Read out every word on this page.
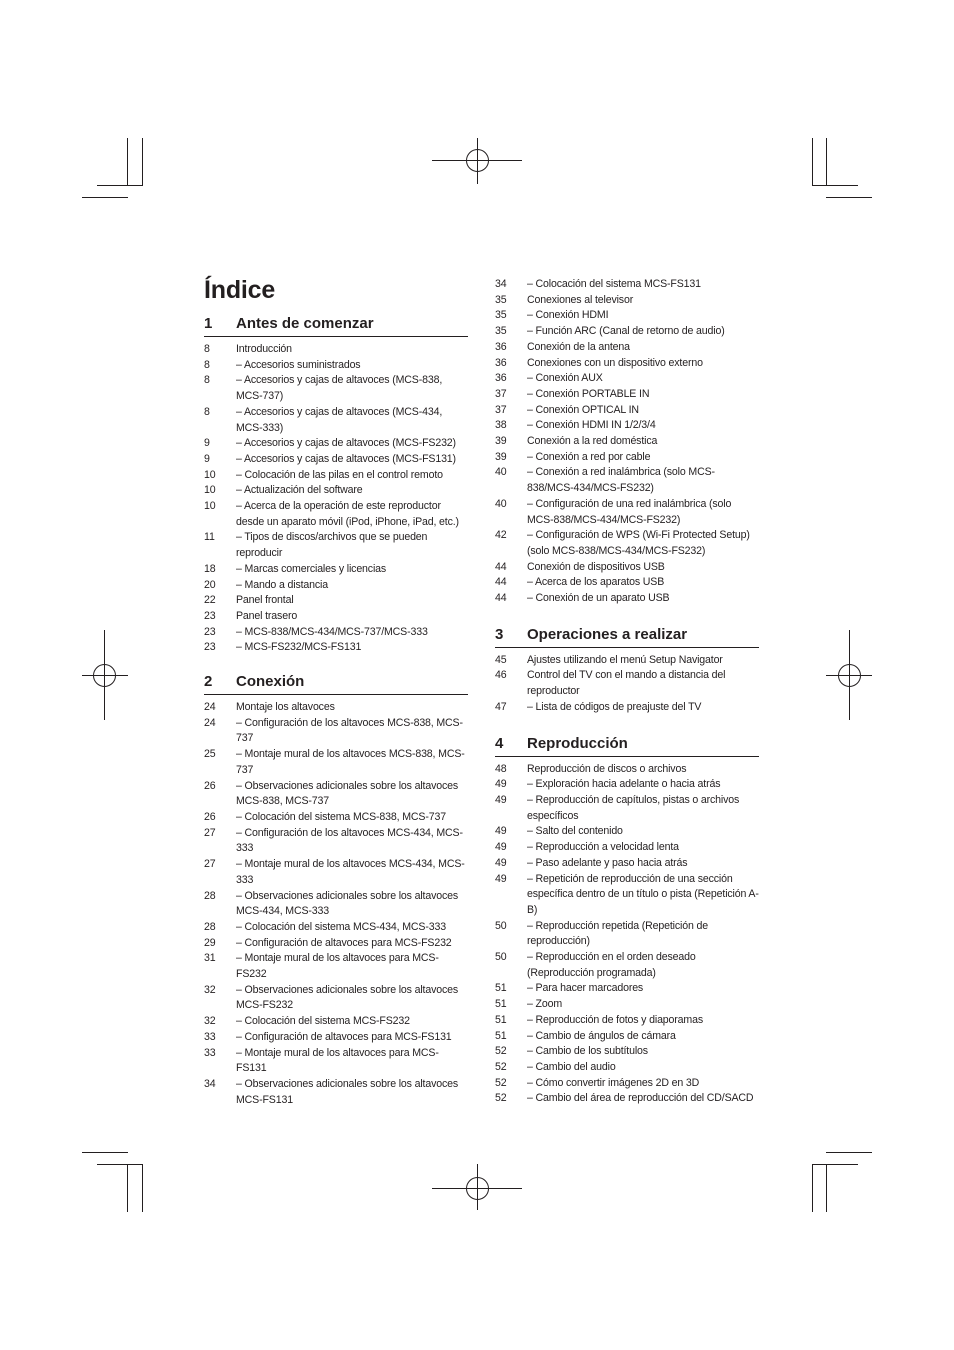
Índice
1	Antes de comenzar
8	Introducción
8	– Accesorios suministrados
8	– Accesorios y cajas de altavoces (MCS-838, MCS-737)
8	– Accesorios y cajas de altavoces (MCS-434, MCS-333)
9	– Accesorios y cajas de altavoces (MCS-FS232)
9	– Accesorios y cajas de altavoces (MCS-FS131)
10	– Colocación de las pilas en el control remoto
10	– Actualización del software
10	– Acerca de la operación de este reproductor desde un aparato móvil (iPod, iPhone, iPad, etc.)
11	– Tipos de discos/archivos que se pueden reproducir
18	– Marcas comerciales y licencias
20	– Mando a distancia
22	Panel frontal
23	Panel trasero
23	– MCS-838/MCS-434/MCS-737/MCS-333
23	– MCS-FS232/MCS-FS131
2	Conexión
24	Montaje los altavoces
24	– Configuración de los altavoces MCS-838, MCS-737
25	– Montaje mural de los altavoces MCS-838, MCS-737
26	– Observaciones adicionales sobre los altavoces MCS-838, MCS-737
26	– Colocación del sistema MCS-838, MCS-737
27	– Configuración de los altavoces MCS-434, MCS-333
27	– Montaje mural de los altavoces MCS-434, MCS-333
28	– Observaciones adicionales sobre los altavoces MCS-434, MCS-333
28	– Colocación del sistema MCS-434, MCS-333
29	– Configuración de altavoces para MCS-FS232
31	– Montaje mural de los altavoces para MCS-FS232
32	– Observaciones adicionales sobre los altavoces MCS-FS232
32	– Colocación del sistema MCS-FS232
33	– Configuración de altavoces para MCS-FS131
33	– Montaje mural de los altavoces para MCS-FS131
34	– Observaciones adicionales sobre los altavoces MCS-FS131
34	– Colocación del sistema MCS-FS131
35	Conexiones al televisor
35	– Conexión HDMI
35	– Función ARC (Canal de retorno de audio)
36	Conexión de la antena
36	Conexiones con un dispositivo externo
36	– Conexión AUX
37	– Conexión PORTABLE IN
37	– Conexión OPTICAL IN
38	– Conexión HDMI IN 1/2/3/4
39	Conexión a la red doméstica
39	– Conexión a red por cable
40	– Conexión a red inalámbrica (solo MCS-838/MCS-434/MCS-FS232)
40	– Configuración de una red inalámbrica (solo MCS-838/MCS-434/MCS-FS232)
42	– Configuración de WPS (Wi-Fi Protected Setup) (solo MCS-838/MCS-434/MCS-FS232)
44	Conexión de dispositivos USB
44	– Acerca de los aparatos USB
44	– Conexión de un aparato USB
3	Operaciones a realizar
45	Ajustes utilizando el menú Setup Navigator
46	Control del TV con el mando a distancia del reproductor
47	– Lista de códigos de preajuste del TV
4	Reproducción
48	Reproducción de discos o archivos
49	– Exploración hacia adelante o hacia atrás
49	– Reproducción de capítulos, pistas o archivos específicos
49	– Salto del contenido
49	– Reproducción a velocidad lenta
49	– Paso adelante y paso hacia atrás
49	– Repetición de reproducción de una sección específica dentro de un título o pista (Repetición A-B)
50	– Reproducción repetida (Repetición de reproducción)
50	– Reproducción en el orden deseado (Reproducción programada)
51	– Para hacer marcadores
51	– Zoom
51	– Reproducción de fotos y diaporamas
51	– Cambio de ángulos de cámara
52	– Cambio de los subtítulos
52	– Cambio del audio
52	– Cómo convertir imágenes 2D en 3D
52	– Cambio del área de reproducción del CD/SACD
